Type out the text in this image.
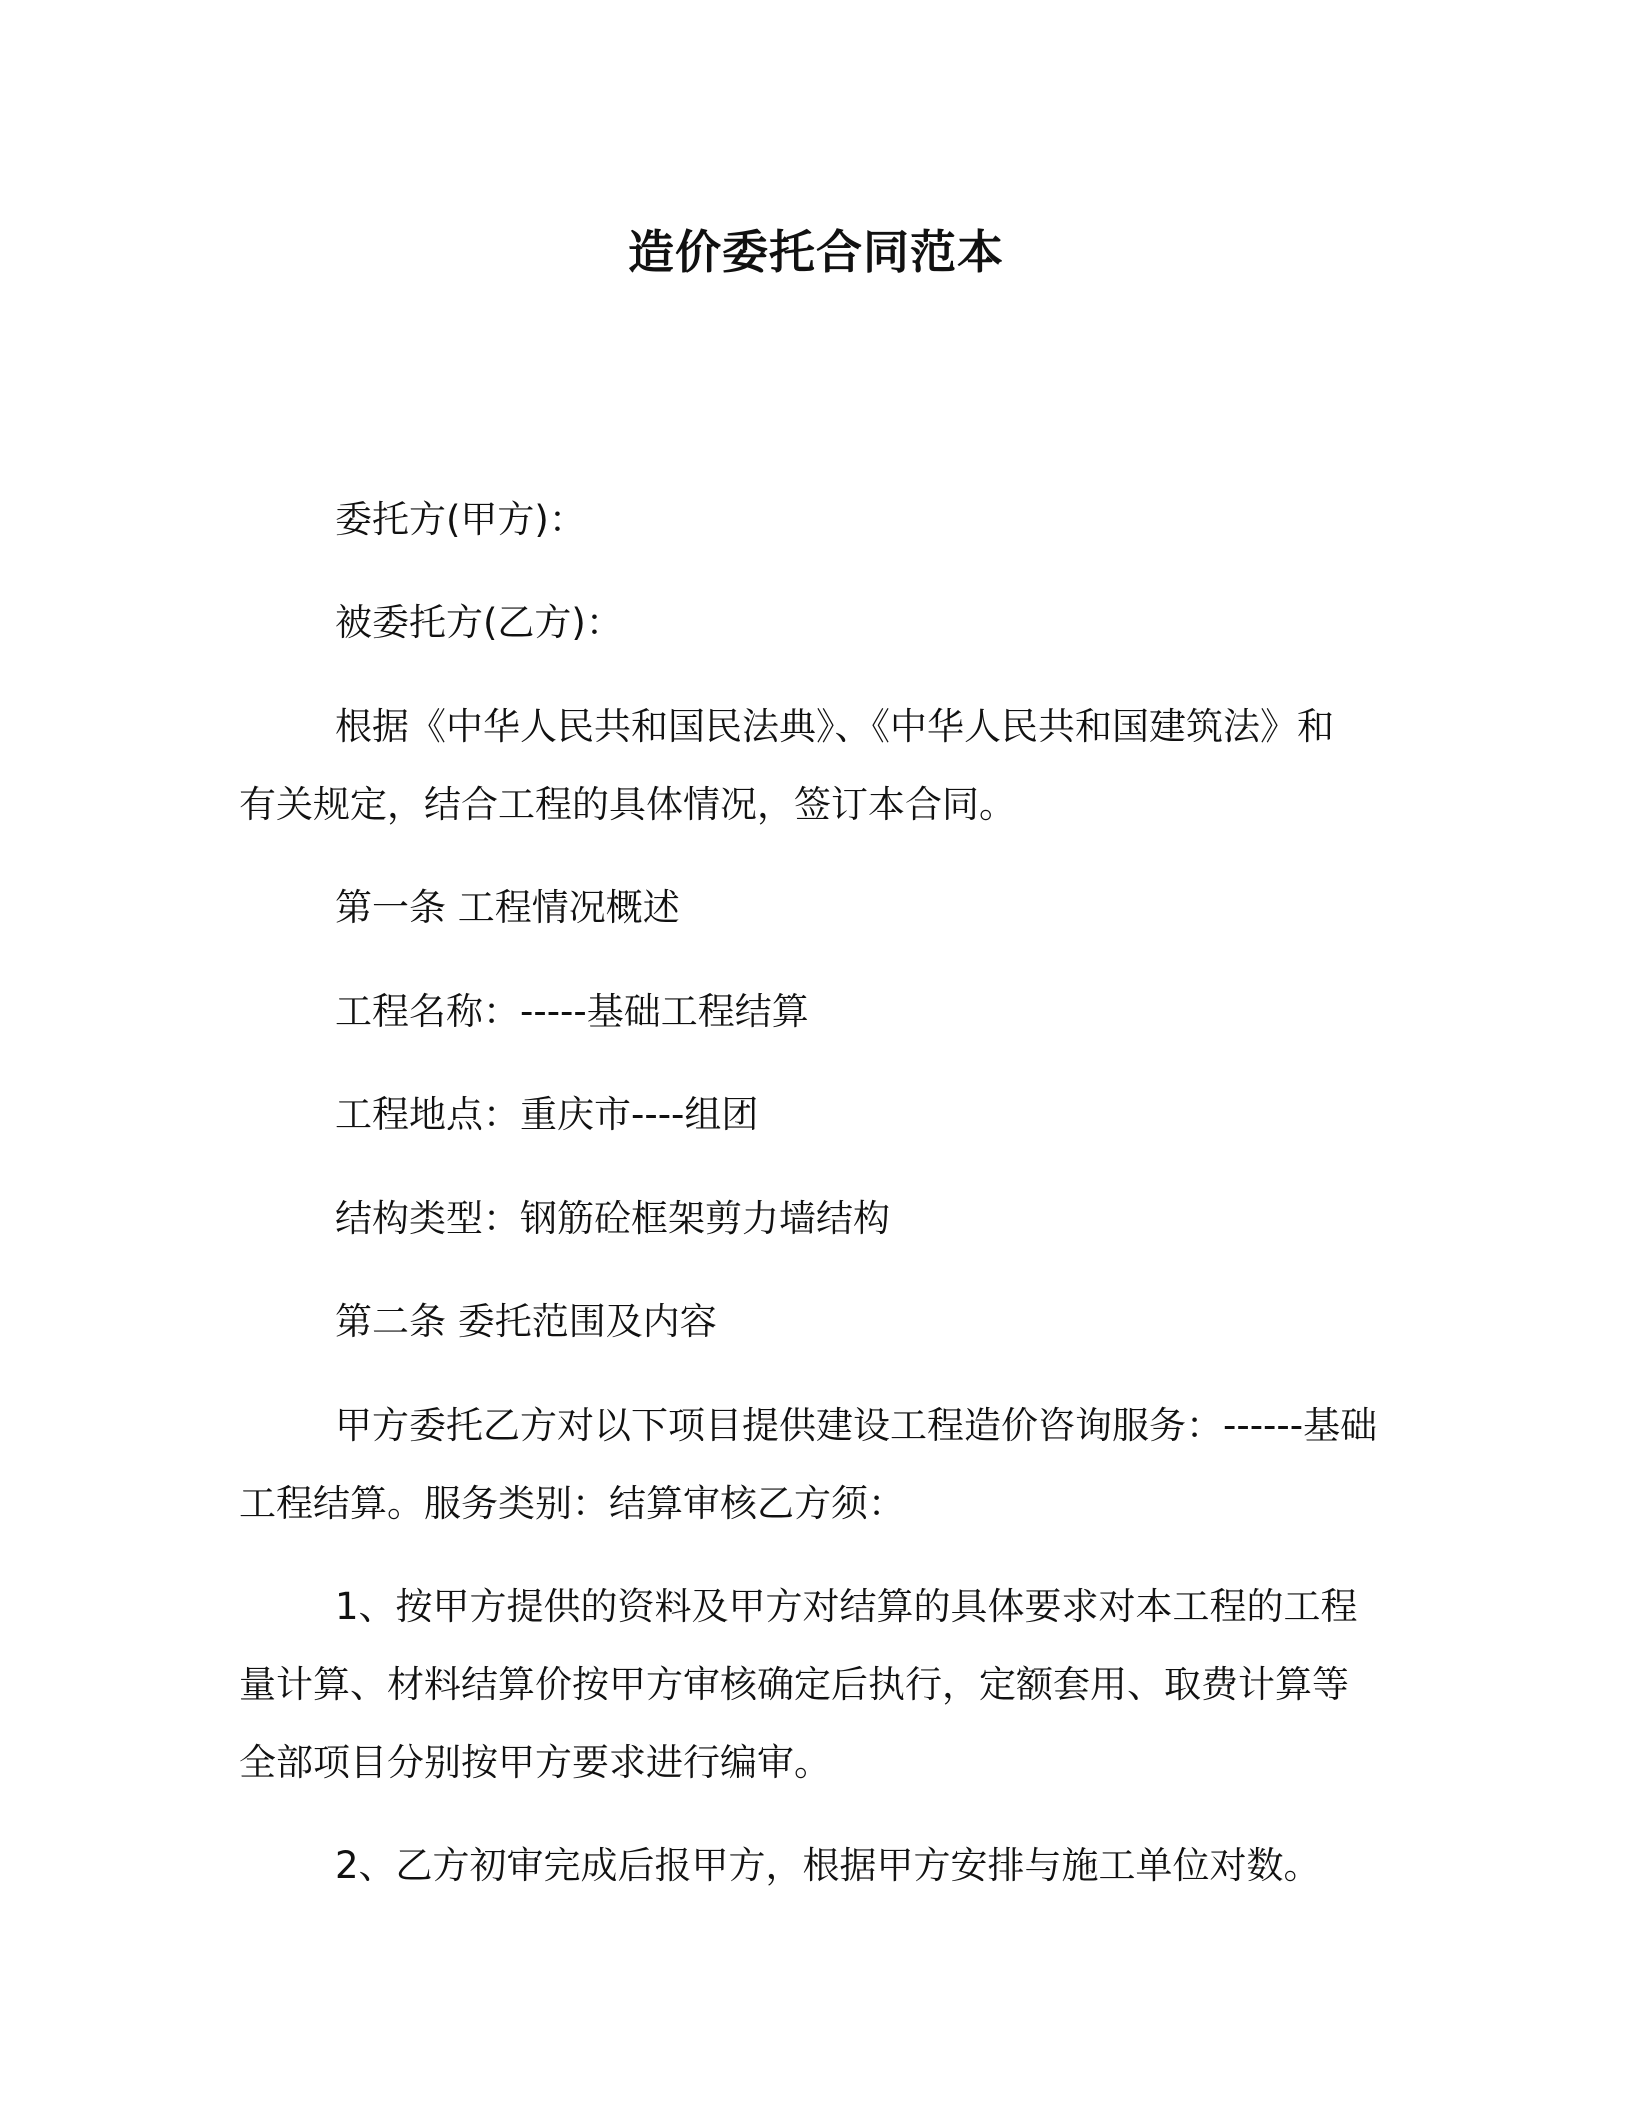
造价委托合同范本
委托方(甲方)：
被委托方(乙方)：
根据《中华人民共和国民法典》、《中华人民共和国建筑法》和
有关规定，结合工程的具体情况，签订本合同。
第一条 工程情况概述
工程名称：-----基础工程结算
工程地点：重庆市----组团
结构类型：钢筋砼框架剪力墙结构
第二条 委托范围及内容
甲方委托乙方对以下项目提供建设工程造价咨询服务：------基础
工程结算。服务类别：结算审核乙方须：
1、按甲方提供的资料及甲方对结算的具体要求对本工程的工程
量计算、材料结算价按甲方审核确定后执行，定额套用、取费计算等
全部项目分别按甲方要求进行编审。
2、乙方初审完成后报甲方，根据甲方安排与施工单位对数。
